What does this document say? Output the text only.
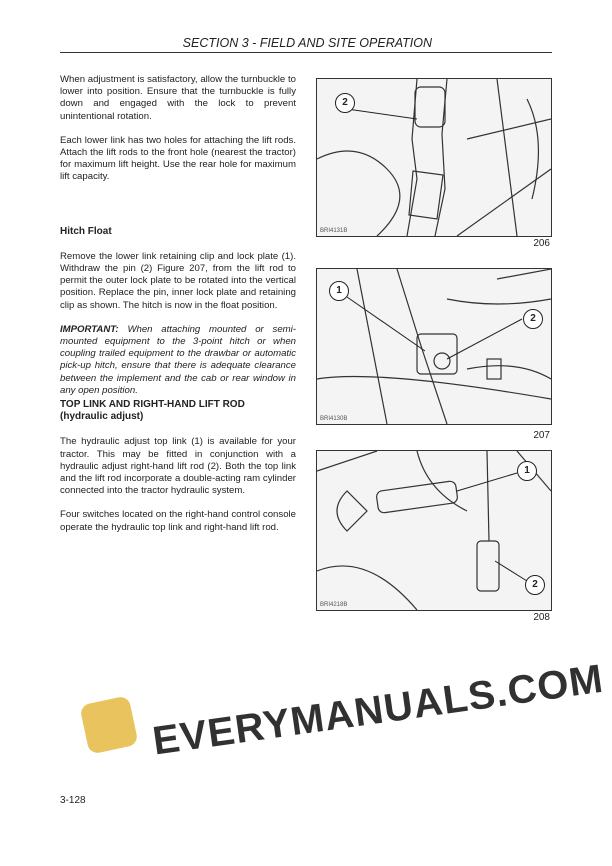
SECTION 3 - FIELD AND SITE OPERATION

When adjustment is satisfactory, allow the turnbuckle to lower into position. Ensure that the turnbuckle is fully down and engaged with the lock to prevent unintentional rotation.

Each lower link has two holes for attaching the lift rods. Attach the lift rods to the front hole (nearest the tractor) for maximum lift height. Use the rear hole for maximum lift capacity.

Hitch Float

Remove the lower link retaining clip and lock plate (1). Withdraw the pin (2) Figure 207, from the lift rod to permit the outer lock plate to be rotated into the vertical position. Replace the pin, inner lock plate and retaining clip as shown. The hitch is now in the float position.

IMPORTANT: When attaching mounted or semi-mounted equipment to the 3-point hitch or when coupling trailed equipment to the drawbar or automatic pick-up hitch, ensure that there is adequate clearance between the implement and the cab or rear window in any open position.

TOP LINK AND RIGHT-HAND LIFT ROD

(hydraulic adjust)

The hydraulic adjust top link (1) is available for your tractor. This may be fitted in conjunction with a hydraulic adjust right-hand lift rod (2). Both the top link and the lift rod incorporate a double-acting ram cylinder connected into the tractor hydraulic system.

Four switches located on the right-hand control console operate the hydraulic top link and right-hand lift rod.

2
BRI4131B
206
1
2
BRI4130B
207
1
2
BRI4218B
208
EVERYMANUALS.COM
3-128
